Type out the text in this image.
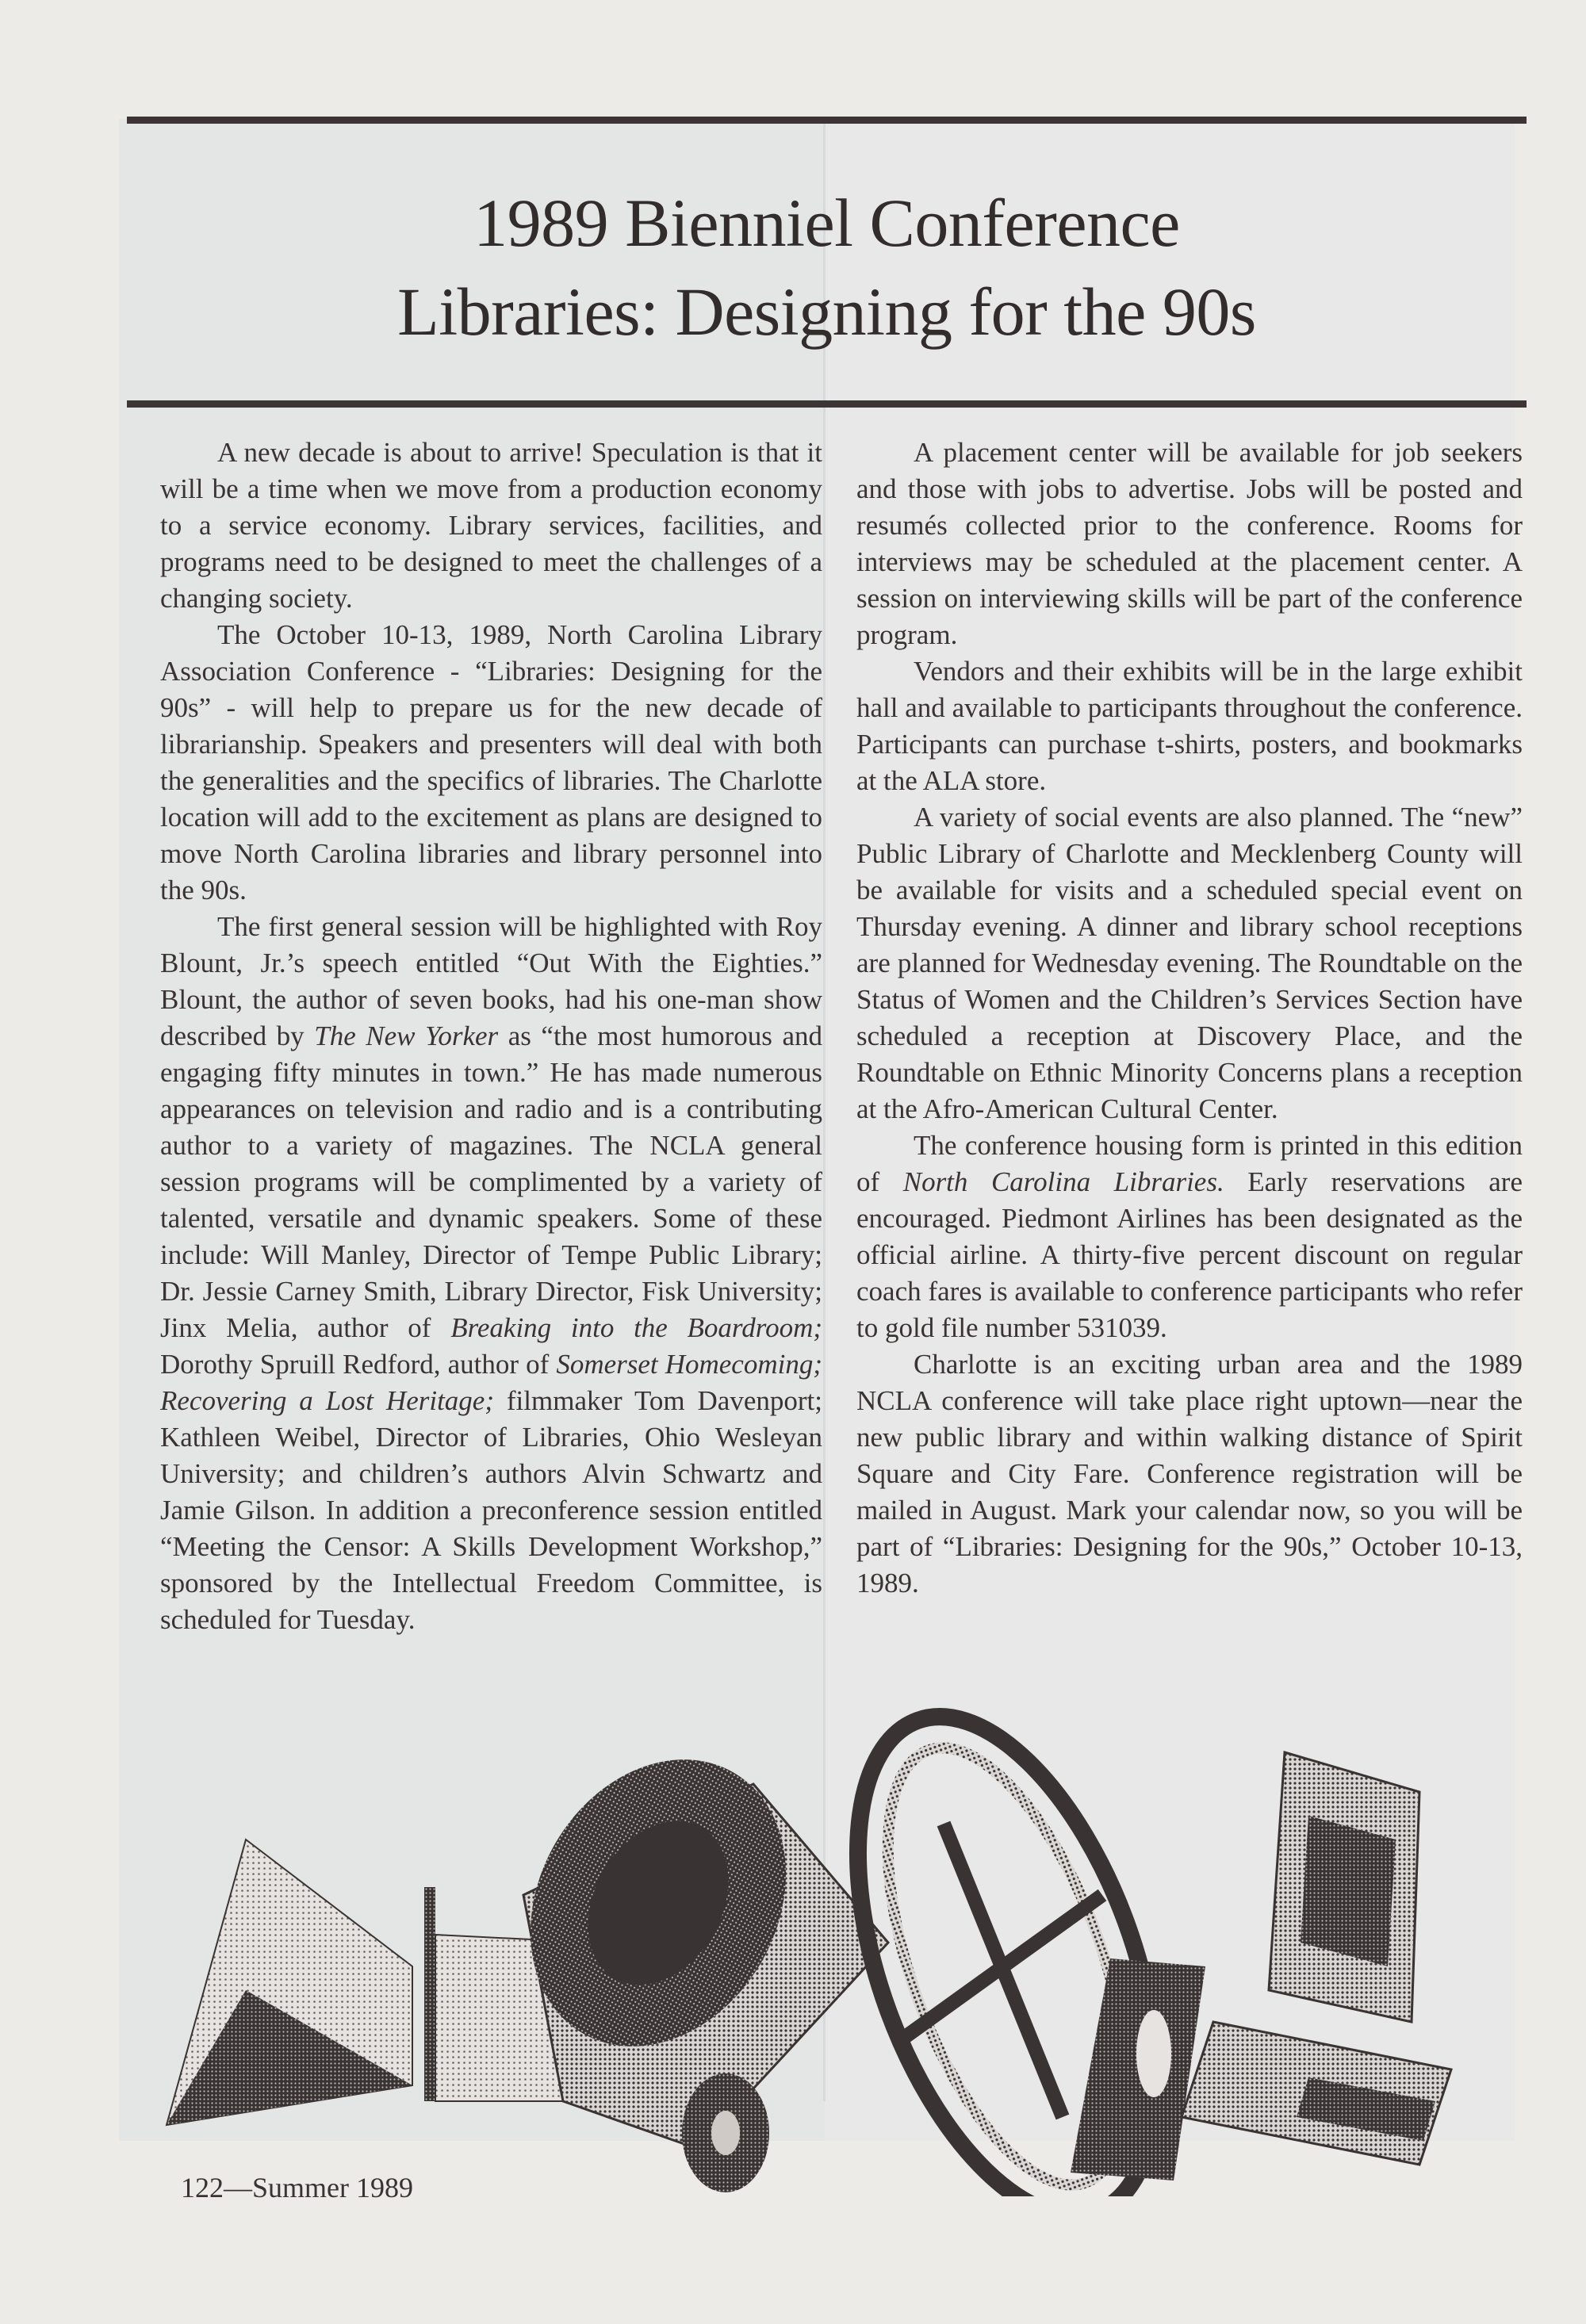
1989 Bienniel Conference
Libraries: Designing for the 90s

A new decade is about to arrive! Speculation is that it will be a time when we move from a production economy to a service economy. Library services, facilities, and programs need to be designed to meet the challenges of a changing society.

The October 10-13, 1989, North Carolina Library Association Conference - “Libraries: Designing for the 90s” - will help to prepare us for the new decade of librarianship. Speakers and presenters will deal with both the generalities and the specifics of libraries. The Charlotte location will add to the excitement as plans are designed to move North Carolina libraries and library personnel into the 90s.

The first general session will be highlighted with Roy Blount, Jr.’s speech entitled “Out With the Eighties.” Blount, the author of seven books, had his one-man show described by The New Yorker as “the most humorous and engaging fifty minutes in town.” He has made numerous appearances on television and radio and is a contributing author to a variety of magazines. The NCLA general session programs will be complimented by a variety of talented, versatile and dynamic speakers. Some of these include: Will Manley, Director of Tempe Public Library; Dr. Jessie Carney Smith, Library Director, Fisk University; Jinx Melia, author of Breaking into the Boardroom; Dorothy Spruill Redford, author of Somerset Homecoming; Recovering a Lost Heritage; filmmaker Tom Davenport; Kathleen Weibel, Director of Libraries, Ohio Wesleyan University; and children’s authors Alvin Schwartz and Jamie Gilson. In addition a preconference session entitled “Meeting the Censor: A Skills Development Workshop,” sponsored by the Intellectual Freedom Committee, is scheduled for Tuesday.

A placement center will be available for job seekers and those with jobs to advertise. Jobs will be posted and resumés collected prior to the conference. Rooms for interviews may be scheduled at the placement center. A session on interviewing skills will be part of the conference program.

Vendors and their exhibits will be in the large exhibit hall and available to participants throughout the conference. Participants can purchase t-shirts, posters, and bookmarks at the ALA store.

A variety of social events are also planned. The “new” Public Library of Charlotte and Mecklenberg County will be available for visits and a scheduled special event on Thursday evening. A dinner and library school receptions are planned for Wednesday evening. The Roundtable on the Status of Women and the Children’s Services Section have scheduled a reception at Discovery Place, and the Roundtable on Ethnic Minority Concerns plans a reception at the Afro-American Cultural Center.

The conference housing form is printed in this edition of North Carolina Libraries. Early reservations are encouraged. Piedmont Airlines has been designated as the official airline. A thirty-five percent discount on regular coach fares is available to conference participants who refer to gold file number 531039.

Charlotte is an exciting urban area and the 1989 NCLA conference will take place right uptown—near the new public library and within walking distance of Spirit Square and City Fare. Conference registration will be mailed in August. Mark your calendar now, so you will be part of “Libraries: Designing for the 90s,” October 10-13, 1989.

122—Summer 1989
